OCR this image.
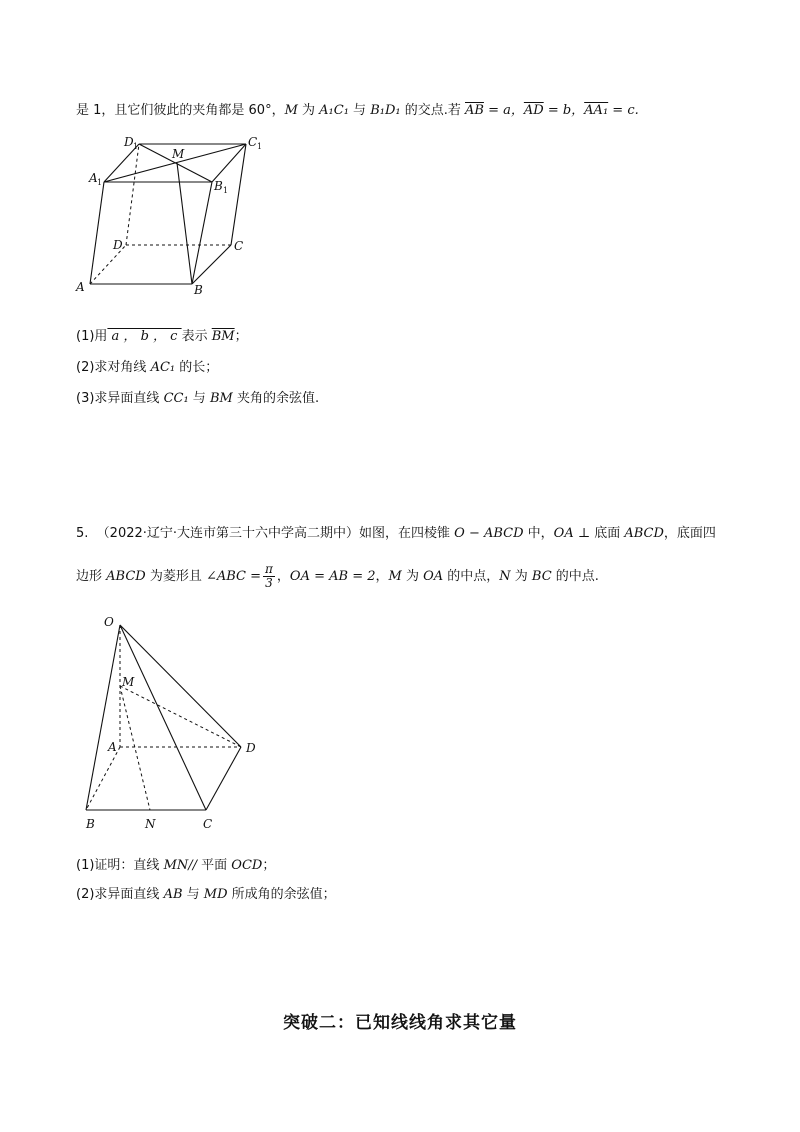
是 1，且它们彼此的夹角都是 60°，M 为 A₁C₁ 与 B₁D₁ 的交点.若 $\overline{AB} = a$，$\overline{AD} = b$，AA₁ = c.
D 1
M
C 1
A 1	B 1
D	C
A	B
O
M
A	D
B	N	C
(1)用 a ， b ， c 表示 $\overline{BM}$；
(2)求对角线 AC₁ 的长；
(3)求异面直线 CC₁ 与 BM 夹角的余弦值.
5. （2022·辽宁·大连市第三十六中学高二期中）如图，在四棱锥 O − ABCD 中，OA ⊥ 底面 ABCD，底面四
边形 ABCD 为菱形且 ∠ABC = $\frac{\pi}{3}$ ，OA = AB = 2，M 为 OA 的中点，N 为 BC 的中点.
(1)证明：直线 MN// 平面 OCD；
(2)求异面直线 AB 与 MD 所成角的余弦值；
突破二：已知线线角求其它量
